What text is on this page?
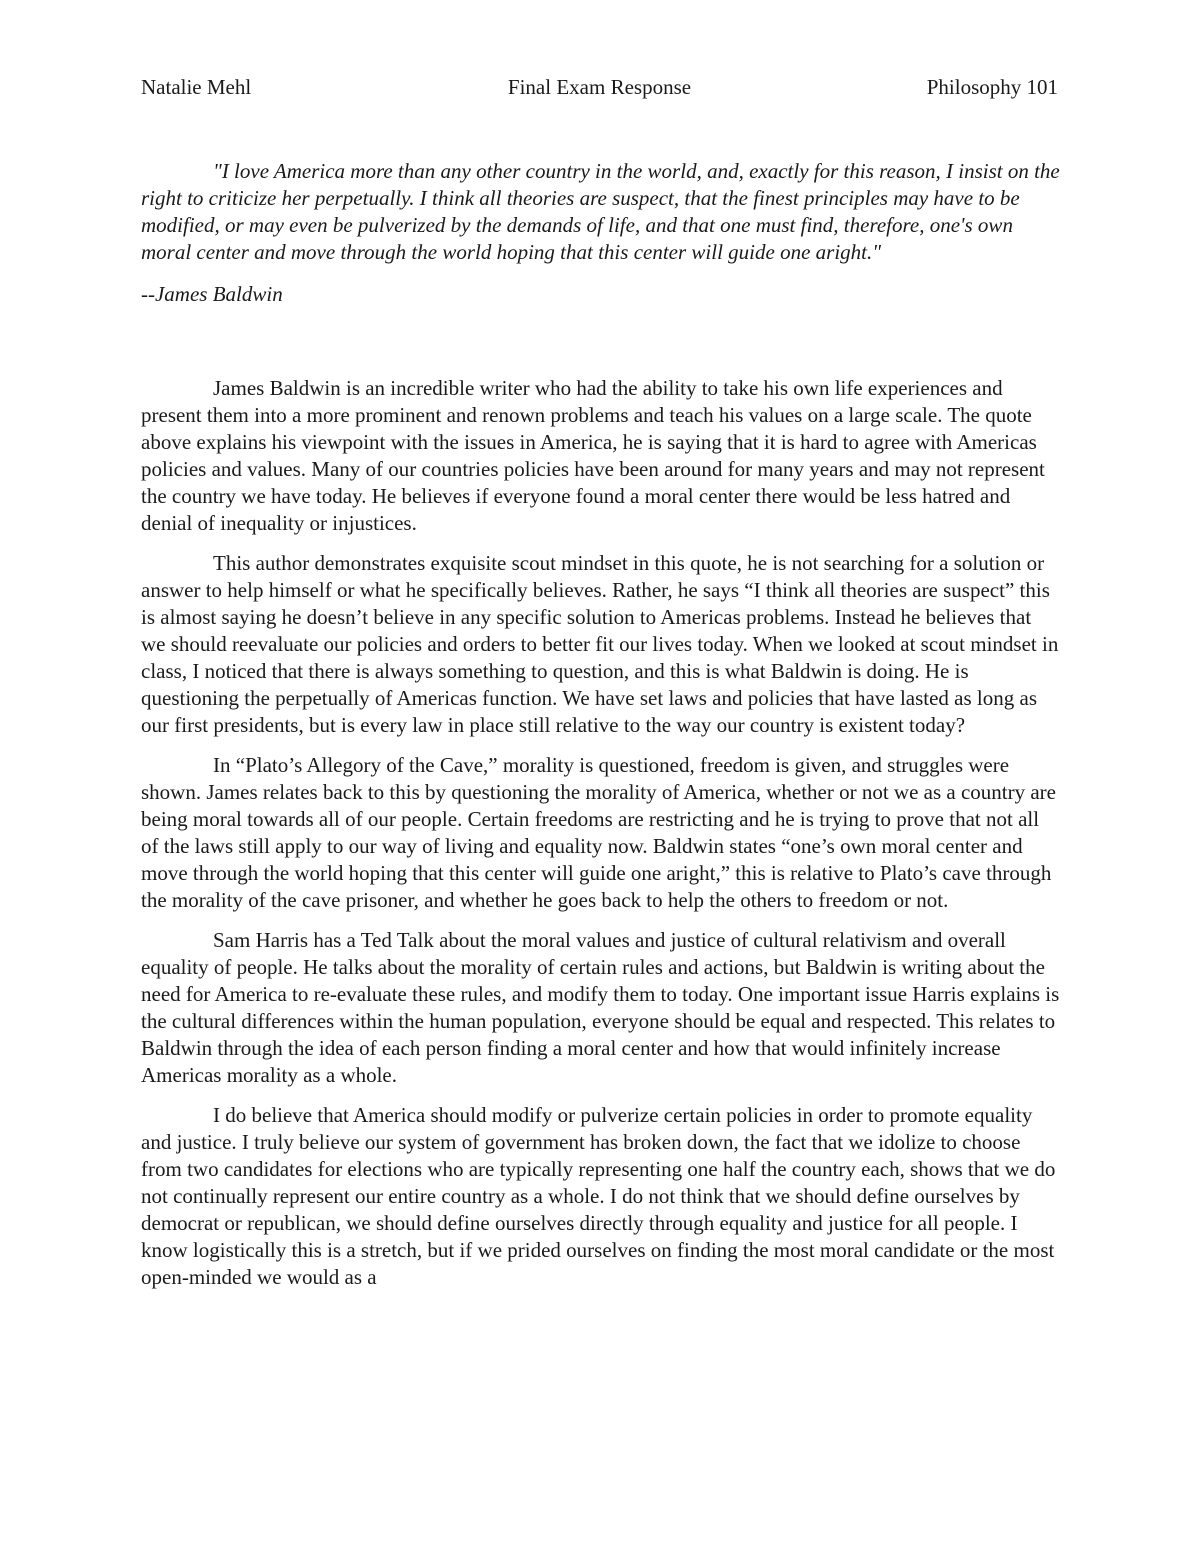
Natalie Mehl	Final Exam Response	Philosophy 101

"I love America more than any other country in the world, and, exactly for this reason, I insist on the right to criticize her perpetually. I think all theories are suspect, that the finest principles may have to be modified, or may even be pulverized by the demands of life, and that one must find, therefore, one's own moral center and move through the world hoping that this center will guide one aright."

--James Baldwin

James Baldwin is an incredible writer who had the ability to take his own life experiences and present them into a more prominent and renown problems and teach his values on a large scale. The quote above explains his viewpoint with the issues in America, he is saying that it is hard to agree with Americas policies and values. Many of our countries policies have been around for many years and may not represent the country we have today. He believes if everyone found a moral center there would be less hatred and denial of inequality or injustices.

This author demonstrates exquisite scout mindset in this quote, he is not searching for a solution or answer to help himself or what he specifically believes. Rather, he says “I think all theories are suspect” this is almost saying he doesn’t believe in any specific solution to Americas problems. Instead he believes that we should reevaluate our policies and orders to better fit our lives today. When we looked at scout mindset in class, I noticed that there is always something to question, and this is what Baldwin is doing. He is questioning the perpetually of Americas function. We have set laws and policies that have lasted as long as our first presidents, but is every law in place still relative to the way our country is existent today?

In “Plato’s Allegory of the Cave,” morality is questioned, freedom is given, and struggles were shown. James relates back to this by questioning the morality of America, whether or not we as a country are being moral towards all of our people. Certain freedoms are restricting and he is trying to prove that not all of the laws still apply to our way of living and equality now. Baldwin states “one’s own moral center and move through the world hoping that this center will guide one aright,” this is relative to Plato’s cave through the morality of the cave prisoner, and whether he goes back to help the others to freedom or not.

Sam Harris has a Ted Talk about the moral values and justice of cultural relativism and overall equality of people. He talks about the morality of certain rules and actions, but Baldwin is writing about the need for America to re-evaluate these rules, and modify them to today. One important issue Harris explains is the cultural differences within the human population, everyone should be equal and respected. This relates to Baldwin through the idea of each person finding a moral center and how that would infinitely increase Americas morality as a whole.

I do believe that America should modify or pulverize certain policies in order to promote equality and justice. I truly believe our system of government has broken down, the fact that we idolize to choose from two candidates for elections who are typically representing one half the country each, shows that we do not continually represent our entire country as a whole. I do not think that we should define ourselves by democrat or republican, we should define ourselves directly through equality and justice for all people. I know logistically this is a stretch, but if we prided ourselves on finding the most moral candidate or the most open-minded we would as a
